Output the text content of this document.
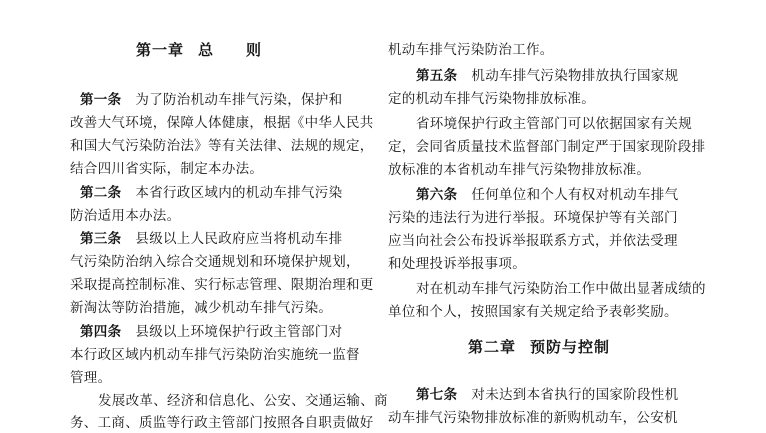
第一章 总　　则
第一条 为了防治机动车排气污染，保护和
改善大气环境，保障人体健康，根据《中华人民共
和国大气污染防治法》等有关法律、法规的规定，
结合四川省实际，制定本办法。
第二条 本省行政区域内的机动车排气污染
防治适用本办法。
第三条 县级以上人民政府应当将机动车排
气污染防治纳入综合交通规划和环境保护规划，
采取提高控制标准、实行标志管理、限期治理和更
新淘汰等防治措施，减少机动车排气污染。
第四条 县级以上环境保护行政主管部门对
本行政区域内机动车排气污染防治实施统一监督
管理。
发展改革、经济和信息化、公安、交通运输、商
务、工商、质监等行政主管部门按照各自职责做好
机动车排气污染防治工作。
第五条 机动车排气污染物排放执行国家规
定的机动车排气污染物排放标准。
省环境保护行政主管部门可以依据国家有关规
定，会同省质量技术监督部门制定严于国家现阶段排
放标准的本省机动车排气污染物排放标准。
第六条 任何单位和个人有权对机动车排气
污染的违法行为进行举报。环境保护等有关部门
应当向社会公布投诉举报联系方式，并依法受理
和处理投诉举报事项。
对在机动车排气污染防治工作中做出显著成绩的
单位和个人，按照国家有关规定给予表彰奖励。
第二章 预防与控制
第七条 对未达到本省执行的国家阶段性机
动车排气污染物排放标准的新购机动车，公安机
